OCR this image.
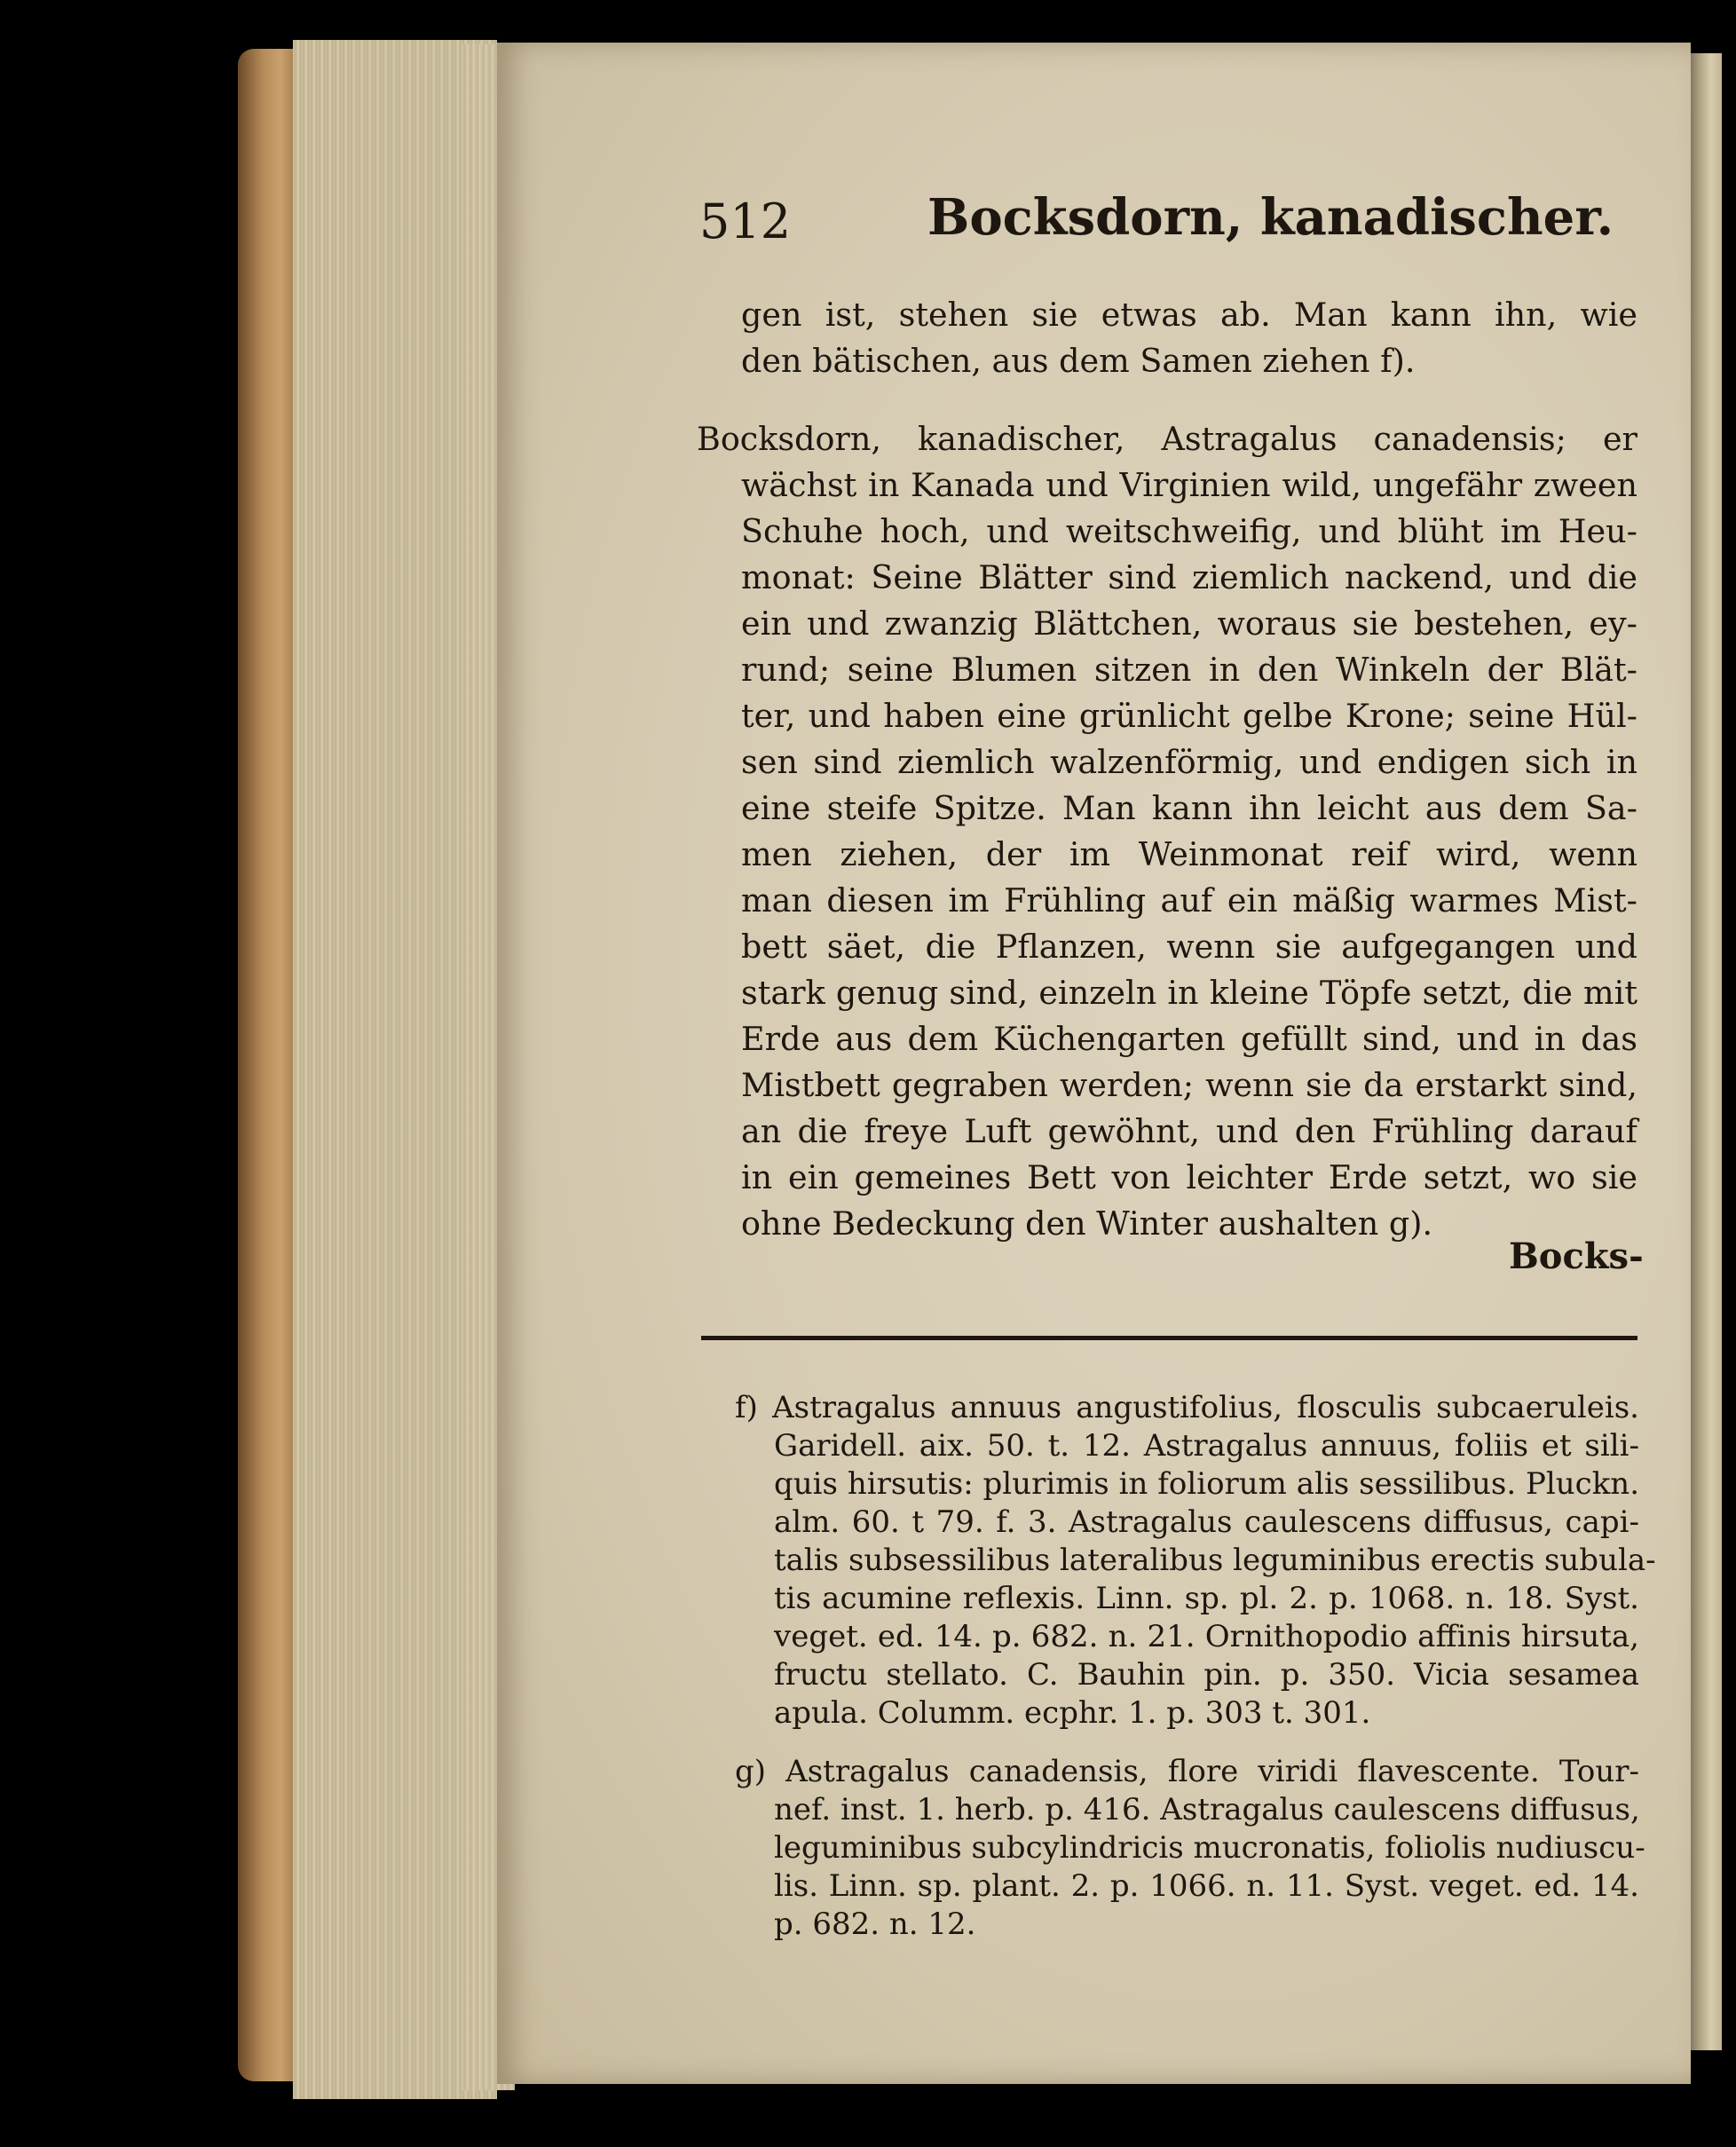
512	Bocksdorn, kanadischer.
gen ist, stehen sie etwas ab. Man kann ihn, wie
den bätischen, aus dem Samen ziehen f).
Bocksdorn, kanadischer, Astragalus canadensis; er
wächst in Kanada und Virginien wild, ungefähr zween
Schuhe hoch, und weitschweifig, und blüht im Heu-
monat: Seine Blätter sind ziemlich nackend, und die
ein und zwanzig Blättchen, woraus sie bestehen, ey-
rund; seine Blumen sitzen in den Winkeln der Blät-
ter, und haben eine grünlicht gelbe Krone; seine Hül-
sen sind ziemlich walzenförmig, und endigen sich in
eine steife Spitze. Man kann ihn leicht aus dem Sa-
men ziehen, der im Weinmonat reif wird, wenn
man diesen im Frühling auf ein mäßig warmes Mist-
bett säet, die Pflanzen, wenn sie aufgegangen und
stark genug sind, einzeln in kleine Töpfe setzt, die mit
Erde aus dem Küchengarten gefüllt sind, und in das
Mistbett gegraben werden; wenn sie da erstarkt sind,
an die freye Luft gewöhnt, und den Frühling darauf
in ein gemeines Bett von leichter Erde setzt, wo sie
ohne Bedeckung den Winter aushalten g).
Bocks-
f) Astragalus annuus angustifolius, flosculis subcaeruleis.
Garidell. aix. 50. t. 12. Astragalus annuus, foliis et sili-
quis hirsutis: plurimis in foliorum alis sessilibus. Pluckn.
alm. 60. t 79. f. 3. Astragalus caulescens diffusus, capi-
talis subsessilibus lateralibus leguminibus erectis subula-
tis acumine reflexis. Linn. sp. pl. 2. p. 1068. n. 18. Syst.
veget. ed. 14. p. 682. n. 21. Ornithopodio affinis hirsuta,
fructu stellato. C. Bauhin pin. p. 350. Vicia sesamea
apula. Columm. ecphr. 1. p. 303 t. 301.
g) Astragalus canadensis, flore viridi flavescente. Tour-
nef. inst. 1. herb. p. 416. Astragalus caulescens diffusus,
leguminibus subcylindricis mucronatis, foliolis nudiuscu-
lis. Linn. sp. plant. 2. p. 1066. n. 11. Syst. veget. ed. 14.
p. 682. n. 12.
